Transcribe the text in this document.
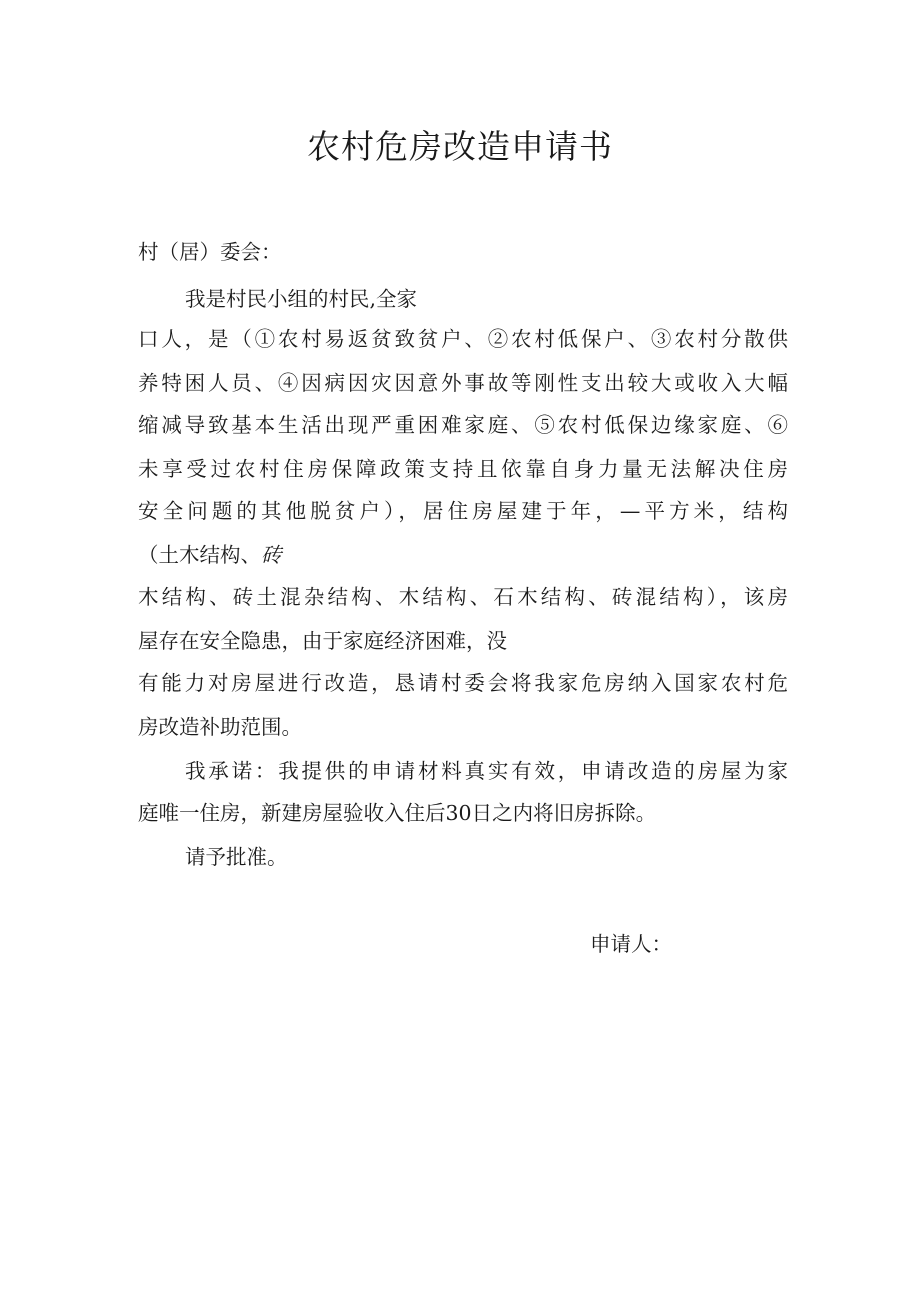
农村危房改造申请书

村（居）委会：

我是村民小组的村民,全家

口人，是（①农村易返贫致贫户、②农村低保户、③农村分散供

养特困人员、④因病因灾因意外事故等刚性支出较大或收入大幅

缩减导致基本生活出现严重困难家庭、⑤农村低保边缘家庭、⑥

未享受过农村住房保障政策支持且依靠自身力量无法解决住房

安全问题的其他脱贫户），居住房屋建于年，—平方米，结构

（土木结构、砖

木结构、砖土混杂结构、木结构、石木结构、砖混结构），该房

屋存在安全隐患，由于家庭经济困难，没

有能力对房屋进行改造，恳请村委会将我家危房纳入国家农村危

房改造补助范围。

我承诺：我提供的申请材料真实有效，申请改造的房屋为家

庭唯一住房，新建房屋验收入住后30日之内将旧房拆除。

请予批准。

申请人：
